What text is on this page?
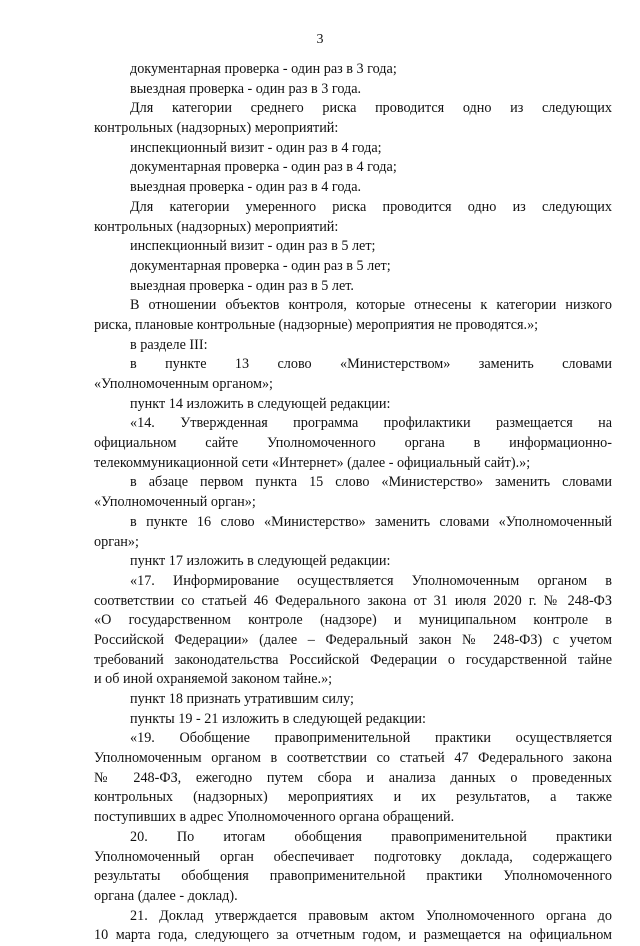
3
документарная проверка - один раз в 3 года;
выездная проверка - один раз в 3 года.
Для категории среднего риска проводится одно из следующих
контрольных (надзорных) мероприятий:
инспекционный визит - один раз в 4 года;
документарная проверка - один раз в 4 года;
выездная проверка - один раз в 4 года.
Для категории умеренного риска проводится одно из следующих
контрольных (надзорных) мероприятий:
инспекционный визит - один раз в 5 лет;
документарная проверка - один раз в 5 лет;
выездная проверка - один раз в 5 лет.
В отношении объектов контроля, которые отнесены к категории низкого
риска, плановые контрольные (надзорные) мероприятия не проводятся.»;
в разделе III:
в пункте 13 слово «Министерством» заменить словами
«Уполномоченным органом»;
пункт 14 изложить в следующей редакции:
«14. Утвержденная программа профилактики размещается на
официальном сайте Уполномоченного органа в информационно-
телекоммуникационной сети «Интернет» (далее - официальный сайт).»;
в абзаце первом пункта 15 слово «Министерство» заменить словами
«Уполномоченный орган»;
в пункте 16 слово «Министерство» заменить словами «Уполномоченный
орган»;
пункт 17 изложить в следующей редакции:
«17. Информирование осуществляется Уполномоченным органом в
соответствии со статьей 46 Федерального закона от 31 июля 2020 г. № 248-ФЗ
«О государственном контроле (надзоре) и муниципальном контроле в
Российской Федерации» (далее – Федеральный закон № 248-ФЗ) с учетом
требований законодательства Российской Федерации о государственной тайне
и об иной охраняемой законом тайне.»;
пункт 18 признать утратившим силу;
пункты 19 - 21 изложить в следующей редакции:
«19. Обобщение правоприменительной практики осуществляется
Уполномоченным органом в соответствии со статьей 47 Федерального закона
№ 248-ФЗ, ежегодно путем сбора и анализа данных о проведенных
контрольных (надзорных) мероприятиях и их результатов, а также
поступивших в адрес Уполномоченного органа обращений.
20. По итогам обобщения правоприменительной практики
Уполномоченный орган обеспечивает подготовку доклада, содержащего
результаты обобщения правоприменительной практики Уполномоченного
органа (далее - доклад).
21. Доклад утверждается правовым актом Уполномоченного органа до
10 марта года, следующего за отчетным годом, и размещается на официальном
